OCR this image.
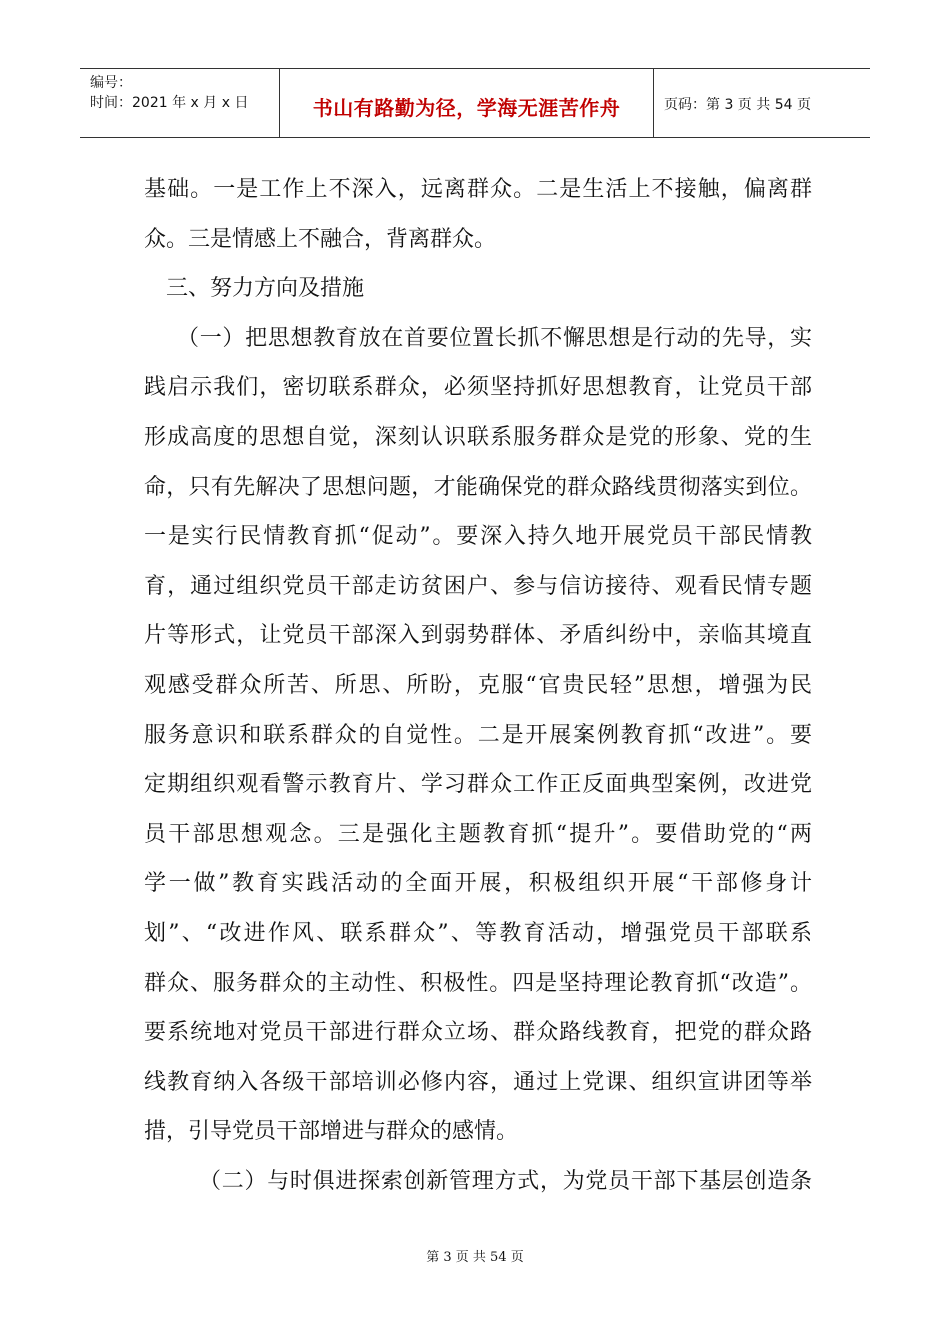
编号：
时间：2021 年 x 月 x 日	书山有路勤为径，学海无涯苦作舟	页码：第 3 页 共 54 页
基础。一是工作上不深入，远离群众。二是生活上不接触，偏离群
众。三是情感上不融合，背离群众。
三、努力方向及措施
（一）把思想教育放在首要位置长抓不懈思想是行动的先导，实
践启示我们，密切联系群众，必须坚持抓好思想教育，让党员干部
形成高度的思想自觉，深刻认识联系服务群众是党的形象、党的生
命，只有先解决了思想问题，才能确保党的群众路线贯彻落实到位。
一是实行民情教育抓“促动”。要深入持久地开展党员干部民情教
育，通过组织党员干部走访贫困户、参与信访接待、观看民情专题
片等形式，让党员干部深入到弱势群体、矛盾纠纷中，亲临其境直
观感受群众所苦、所思、所盼，克服“官贵民轻”思想，增强为民
服务意识和联系群众的自觉性。二是开展案例教育抓“改进”。要
定期组织观看警示教育片、学习群众工作正反面典型案例，改进党
员干部思想观念。三是强化主题教育抓“提升”。要借助党的“两
学一做”教育实践活动的全面开展，积极组织开展“干部修身计
划”、“改进作风、联系群众”、等教育活动，增强党员干部联系
群众、服务群众的主动性、积极性。四是坚持理论教育抓“改造”。
要系统地对党员干部进行群众立场、群众路线教育，把党的群众路
线教育纳入各级干部培训必修内容，通过上党课、组织宣讲团等举
措，引导党员干部增进与群众的感情。
（二）与时俱进探索创新管理方式，为党员干部下基层创造条
第 3 页 共 54 页
